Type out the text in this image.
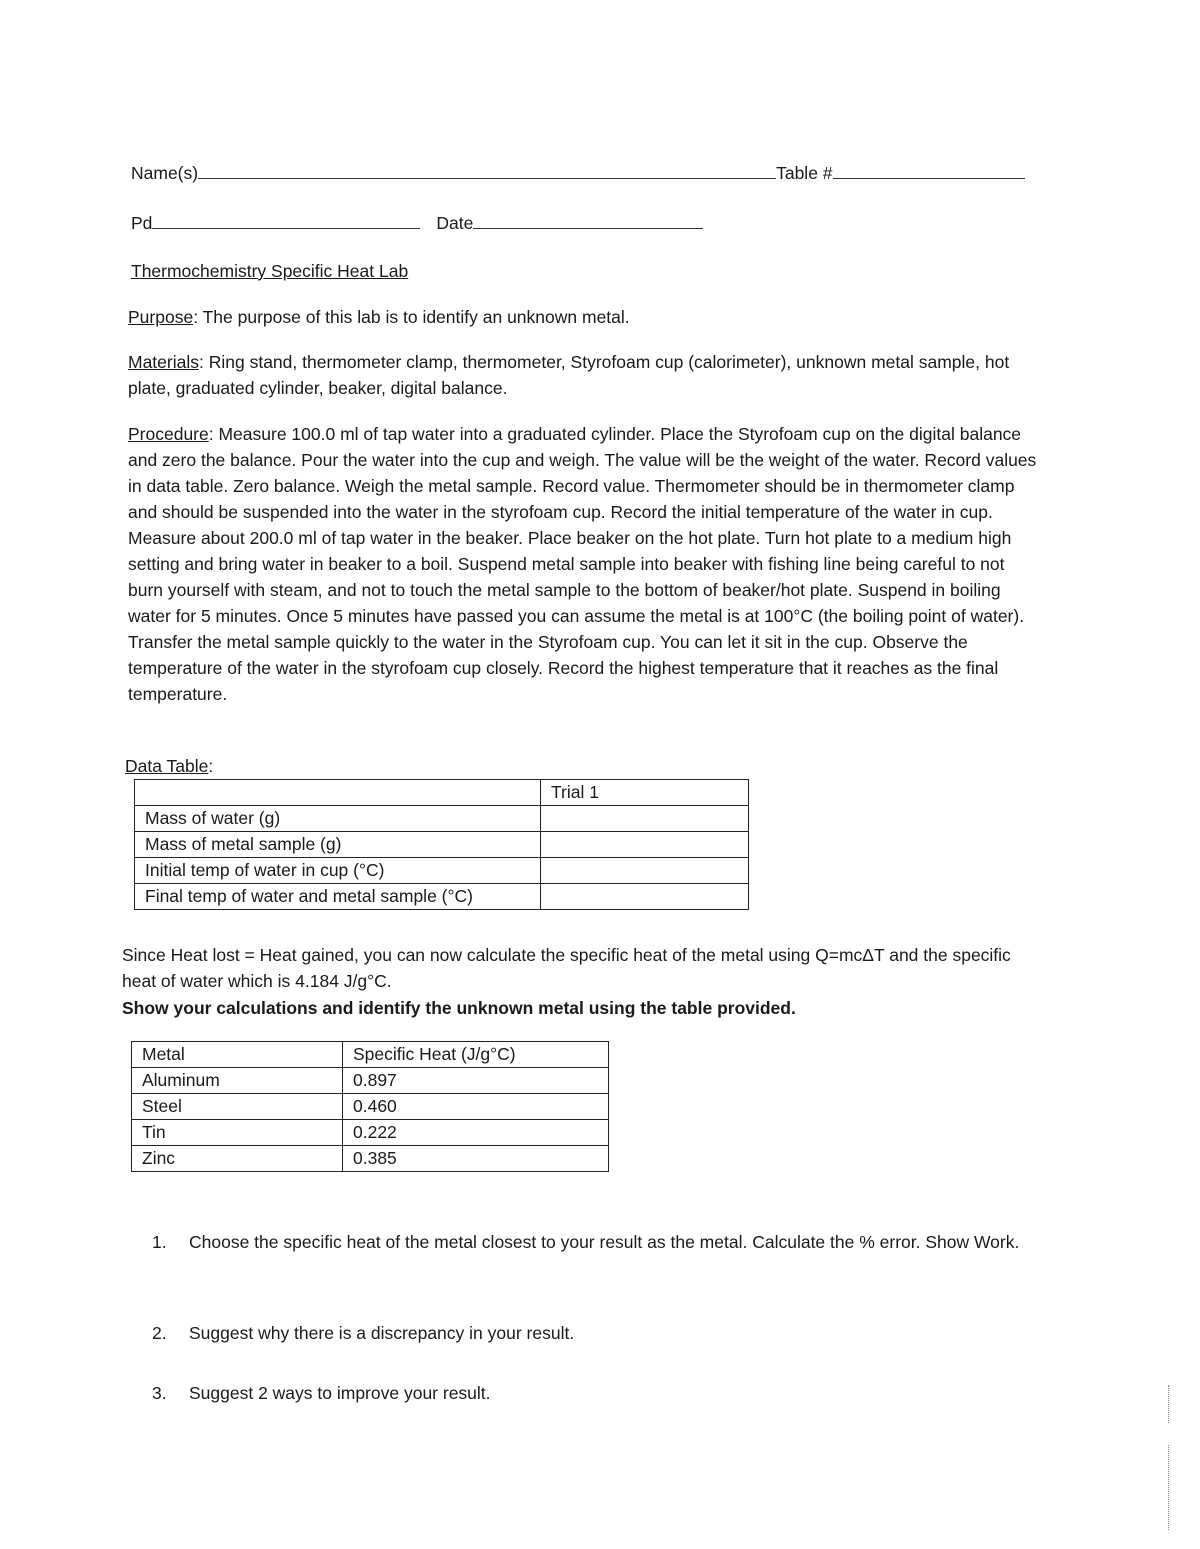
Name(s)	Table #
Pd	Date
Thermochemistry Specific Heat Lab
Purpose: The purpose of this lab is to identify an unknown metal.
Materials: Ring stand, thermometer clamp, thermometer, Styrofoam cup (calorimeter), unknown metal sample, hot plate, graduated cylinder, beaker, digital balance.
Procedure: Measure 100.0 ml of tap water into a graduated cylinder. Place the Styrofoam cup on the digital balance and zero the balance. Pour the water into the cup and weigh. The value will be the weight of the water. Record values in data table. Zero balance. Weigh the metal sample. Record value. Thermometer should be in thermometer clamp and should be suspended into the water in the styrofoam cup. Record the initial temperature of the water in cup. Measure about 200.0 ml of tap water in the beaker. Place beaker on the hot plate. Turn hot plate to a medium high setting and bring water in beaker to a boil. Suspend metal sample into beaker with fishing line being careful to not burn yourself with steam, and not to touch the metal sample to the bottom of beaker/hot plate. Suspend in boiling water for 5 minutes. Once 5 minutes have passed you can assume the metal is at 100°C (the boiling point of water). Transfer the metal sample quickly to the water in the Styrofoam cup. You can let it sit in the cup. Observe the temperature of the water in the styrofoam cup closely. Record the highest temperature that it reaches as the final temperature.
Data Table:
	Trial 1
Mass of water (g)	
Mass of metal sample (g)	
Initial temp of water in cup (°C)	
Final temp of water and metal sample (°C)	
Since Heat lost = Heat gained, you can now calculate the specific heat of the metal using Q=mcΔT and the specific heat of water which is 4.184 J/g°C.
Show your calculations and identify the unknown metal using the table provided.
Metal	Specific Heat (J/g°C)
Aluminum	0.897
Steel	0.460
Tin	0.222
Zinc	0.385
1.	Choose the specific heat of the metal closest to your result as the metal. Calculate the % error. Show Work.
2.	Suggest why there is a discrepancy in your result.
3.	Suggest 2 ways to improve your result.
